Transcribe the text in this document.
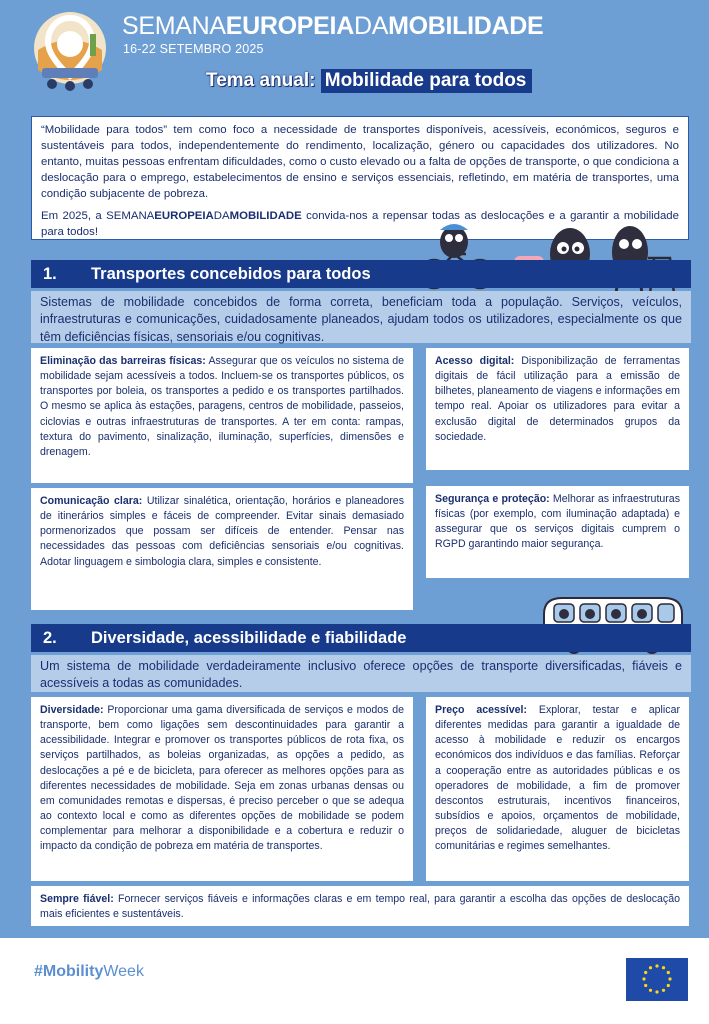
SEMANAEUROPEIADAMOBILIDADE
16-22 SETEMBRO 2025
Tema anual: Mobilidade para todos

“Mobilidade para todos” tem como foco a necessidade de transportes disponíveis, acessíveis, económicos, seguros e sustentáveis para todos, independentemente do rendimento, localização, género ou capacidades dos utilizadores. No entanto, muitas pessoas enfrentam dificuldades, como o custo elevado ou a falta de opções de transporte, o que condiciona a deslocação para o emprego, estabelecimentos de ensino e serviços essenciais, refletindo, em matéria de transportes, uma condição subjacente de pobreza.

Em 2025, a SEMANAEUROPEIADAMOBILIDADE convida-nos a repensar todas as deslocações e a garantir a mobilidade para todos!

1. Transportes concebidos para todos
Sistemas de mobilidade concebidos de forma correta, beneficiam toda a população. Serviços, veículos, infraestruturas e comunicações, cuidadosamente planeados, ajudam todos os utilizadores, especialmente os que têm deficiências físicas, sensoriais e/ou cognitivas.
Eliminação das barreiras físicas: Assegurar que os veículos no sistema de mobilidade sejam acessíveis a todos. Incluem-se os transportes públicos, os transportes por boleia, os transportes a pedido e os transportes partilhados. O mesmo se aplica às estações, paragens, centros de mobilidade, passeios, ciclovias e outras infraestruturas de transportes. A ter em conta: rampas, textura do pavimento, sinalização, iluminação, superfícies, dimensões e drenagem.
Acesso digital: Disponibilização de ferramentas digitais de fácil utilização para a emissão de bilhetes, planeamento de viagens e informações em tempo real. Apoiar os utilizadores para evitar a exclusão digital de determinados grupos da sociedade.
Comunicação clara: Utilizar sinalética, orientação, horários e planeadores de itinerários simples e fáceis de compreender. Evitar sinais demasiado pormenorizados que possam ser difíceis de entender. Pensar nas necessidades das pessoas com deficiências sensoriais e/ou cognitivas. Adotar linguagem e simbologia clara, simples e consistente.
Segurança e proteção: Melhorar as infraestruturas físicas (por exemplo, com iluminação adaptada) e assegurar que os serviços digitais cumprem o RGPD garantindo maior segurança.
2. Diversidade, acessibilidade e fiabilidade
Um sistema de mobilidade verdadeiramente inclusivo oferece opções de transporte diversificadas, fiáveis e acessíveis a todas as comunidades.
Diversidade: Proporcionar uma gama diversificada de serviços e modos de transporte, bem como ligações sem descontinuidades para garantir a acessibilidade. Integrar e promover os transportes públicos de rota fixa, os serviços partilhados, as boleias organizadas, as opções a pedido, as deslocações a pé e de bicicleta, para oferecer as melhores opções para as diferentes necessidades de mobilidade. Seja em zonas urbanas densas ou em comunidades remotas e dispersas, é preciso perceber o que se adequa ao contexto local e como as diferentes opções de mobilidade se podem complementar para melhorar a disponibilidade e a cobertura e reduzir o impacto da condição de pobreza em matéria de transportes.
Preço acessível: Explorar, testar e aplicar diferentes medidas para garantir a igualdade de acesso à mobilidade e reduzir os encargos económicos dos indivíduos e das famílias. Reforçar a cooperação entre as autoridades públicas e os operadores de mobilidade, a fim de promover descontos estruturais, incentivos financeiros, subsídios e apoios, orçamentos de mobilidade, preços de solidariedade, aluguer de bicicletas comunitárias e regimes semelhantes.
Sempre fiável: Fornecer serviços fiáveis e informações claras e em tempo real, para garantir a escolha das opções de deslocação mais eficientes e sustentáveis.
#MobilityWeek
